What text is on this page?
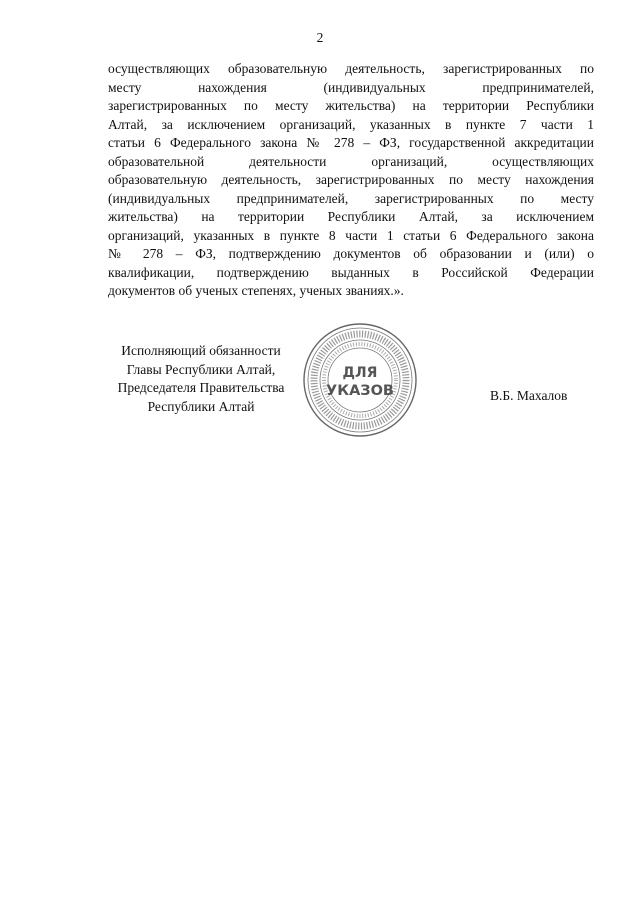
2
осуществляющих образовательную деятельность, зарегистрированных по
месту нахождения (индивидуальных предпринимателей,
зарегистрированных по месту жительства) на территории Республики
Алтай, за исключением организаций, указанных в пункте 7 части 1
статьи 6 Федерального закона № 278 – ФЗ, государственной аккредитации
образовательной деятельности организаций, осуществляющих
образовательную деятельность, зарегистрированных по месту нахождения
(индивидуальных предпринимателей, зарегистрированных по месту
жительства) на территории Республики Алтай, за исключением
организаций, указанных в пункте 8 части 1 статьи 6 Федерального закона
№ 278 – ФЗ, подтверждению документов об образовании и (или) о
квалификации, подтверждению выданных в Российской Федерации
документов об ученых степенях, ученых званиях.».
Исполняющий обязанности
Главы Республики Алтай,
Председателя Правительства
Республики Алтай
ДЛЯ
УКАЗОВ	В.Б. Махалов
